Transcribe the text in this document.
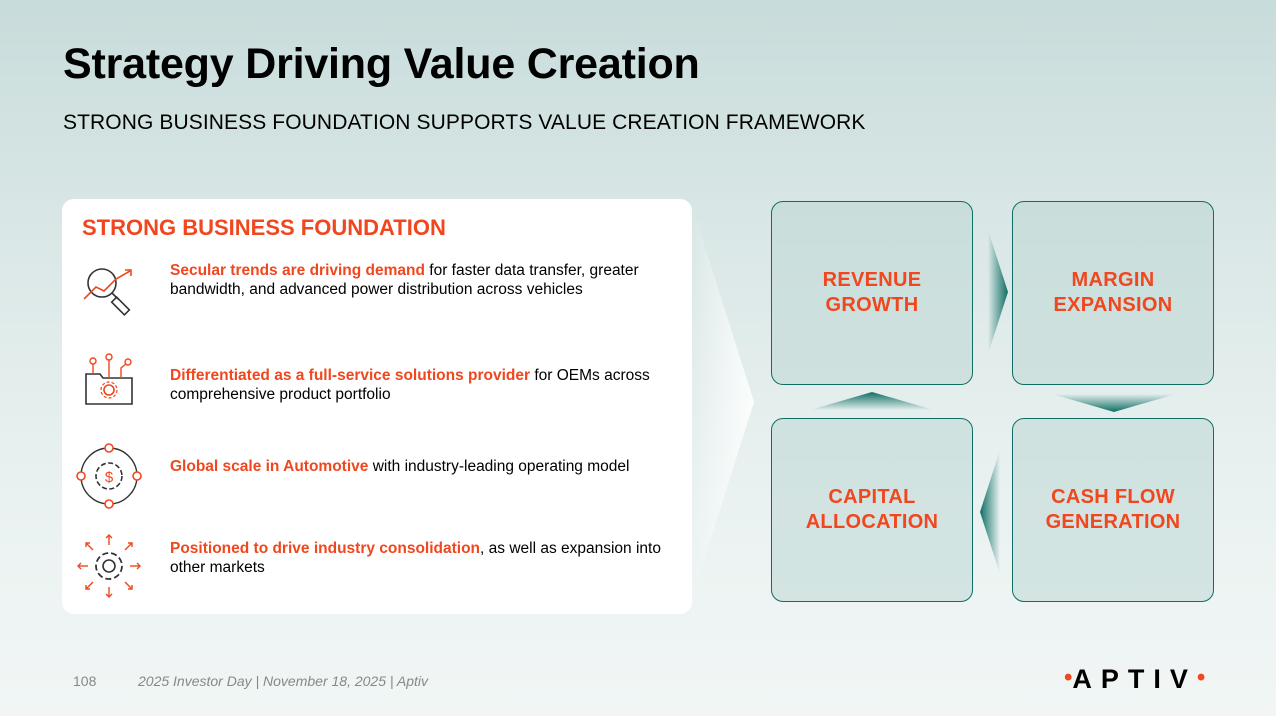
Strategy Driving Value Creation
STRONG BUSINESS FOUNDATION SUPPORTS VALUE CREATION FRAMEWORK
STRONG BUSINESS FOUNDATION
Secular trends are driving demand for faster data transfer, greater bandwidth, and advanced power distribution across vehicles
Differentiated as a full-service solutions provider for OEMs across comprehensive product portfolio
$
Global scale in Automotive with industry-leading operating model
Positioned to drive industry consolidation, as well as expansion into other markets
REVENUE GROWTH
MARGIN EXPANSION
CASH FLOW GENERATION
CAPITAL ALLOCATION
108	2025 Investor Day | November 18, 2025 | Aptiv	•APTIV•
